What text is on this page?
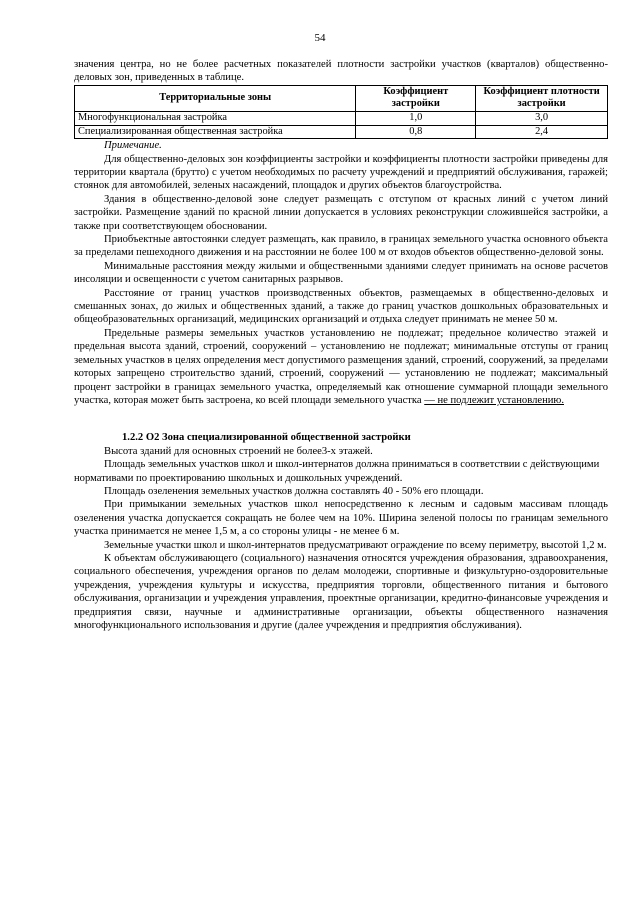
54

значения центра, но не более расчетных показателей плотности застройки участков (кварталов) общественно-деловых зон, приведенных в таблице.

Территориальные зоны	Коэффициент застройки	Коэффициент плотности застройки
Многофункциональная застройка	1,0	3,0
Специализированная общественная застройка	0,8	2,4

Примечание.

Для общественно-деловых зон коэффициенты застройки и коэффициенты плотности застройки приведены для территории квартала (брутто) с учетом необходимых по расчету учреждений и предприятий обслуживания, гаражей; стоянок для автомобилей, зеленых насаждений, площадок и других объектов благоустройства.

Здания в общественно-деловой зоне следует размещать с отступом от красных линий с учетом линий застройки. Размещение зданий по красной линии допускается в условиях реконструкции сложившейся застройки, а также при соответствующем обосновании.

Приобъектные автостоянки следует размещать, как правило, в границах земельного участка основного объекта за пределами пешеходного движения и на расстоянии не более 100 м от входов объектов общественно-деловой зоны.

Минимальные расстояния между жилыми и общественными зданиями следует принимать на основе расчетов инсоляции и освещенности с учетом санитарных разрывов.

Расстояние от границ участков производственных объектов, размещаемых в общественно-деловых и смешанных зонах, до жилых и общественных зданий, а также до границ участков дошкольных образовательных и общеобразовательных организаций, медицинских организаций и отдыха следует принимать не менее 50 м.

Предельные размеры земельных участков установлению не подлежат; предельное количество этажей и предельная высота зданий, строений, сооружений – установлению не подлежат; минимальные отступы от границ земельных участков в целях определения мест допустимого размещения зданий, строений, сооружений, за пределами которых запрещено строительство зданий, строений, сооружений — установлению не подлежат; максимальный процент застройки в границах земельного участка, определяемый как отношение суммарной площади земельного участка, которая может быть застроена, ко всей площади земельного участка — не подлежит установлению.

1.2.2 О2 Зона специализированной общественной застройки

Высота зданий для основных строений не более3-х этажей.

Площадь земельных участков школ и школ-интернатов должна приниматься в соответствии с действующими нормативами по проектированию школьных и дошкольных учреждений.

Площадь озеленения земельных участков должна составлять 40 - 50% его площади.

При примыкании земельных участков школ непосредственно к лесным и садовым массивам площадь озеленения участка допускается сокращать не более чем на 10%. Ширина зеленой полосы по границам земельного участка принимается не менее 1,5 м, а со стороны улицы - не менее 6 м.

Земельные участки школ и школ-интернатов предусматривают ограждение по всему периметру, высотой 1,2 м.

К объектам обслуживающего (социального) назначения относятся учреждения образования, здравоохранения, социального обеспечения, учреждения органов по делам молодежи, спортивные и физкультурно-оздоровительные учреждения, учреждения культуры и искусства, предприятия торговли, общественного питания и бытового обслуживания, организации и учреждения управления, проектные организации, кредитно-финансовые учреждения и предприятия связи, научные и административные организации, объекты общественного назначения многофункционального использования и другие (далее учреждения и предприятия обслуживания).
